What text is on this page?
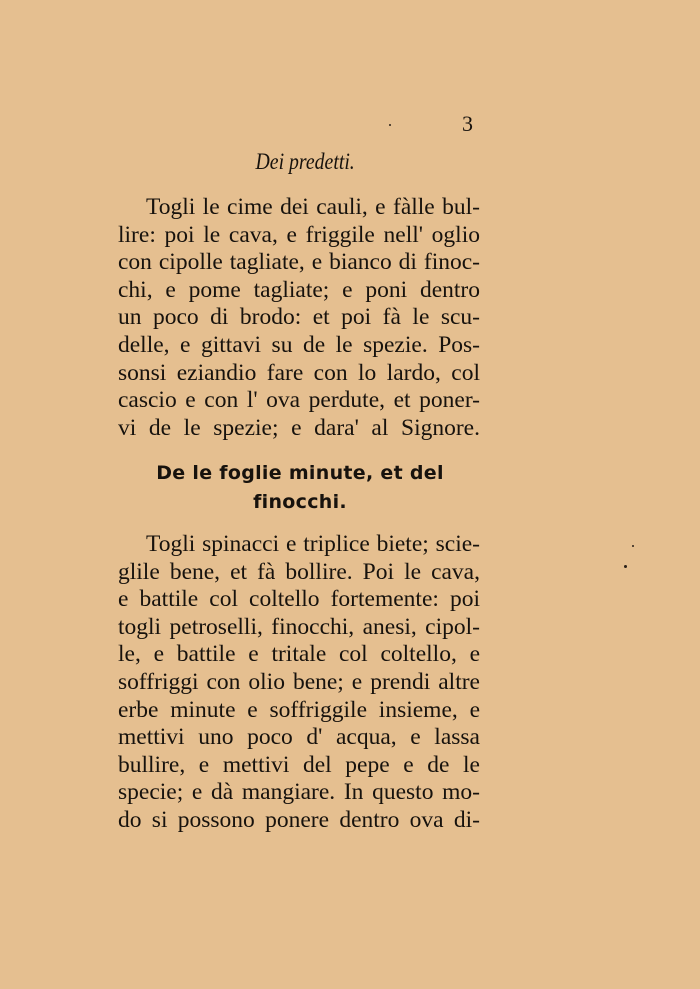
3
Dei predetti.
Togli le cime dei cauli, e fàlle bul-
lire: poi le cava, e friggile nell' oglio
con cipolle tagliate, e bianco di finoc-
chi, e pome tagliate; e poni dentro
un poco di brodo: et poi fà le scu-
delle, e gittavi su de le spezie. Pos-
sonsi eziandio fare con lo lardo, col
cascio e con l' ova perdute, et poner-
vi de le spezie; e dara' al Signore.
De le foglie minute, et del
finocchi.
Togli spinacci e triplice biete; scie-
glile bene, et fà bollire. Poi le cava,
e battile col coltello fortemente: poi
togli petroselli, finocchi, anesi, cipol-
le, e battile e tritale col coltello, e
soffriggi con olio bene; e prendi altre
erbe minute e soffriggile insieme, e
mettivi uno poco d' acqua, e lassa
bullire, e mettivi del pepe e de le
specie; e dà mangiare. In questo mo-
do si possono ponere dentro ova di-
